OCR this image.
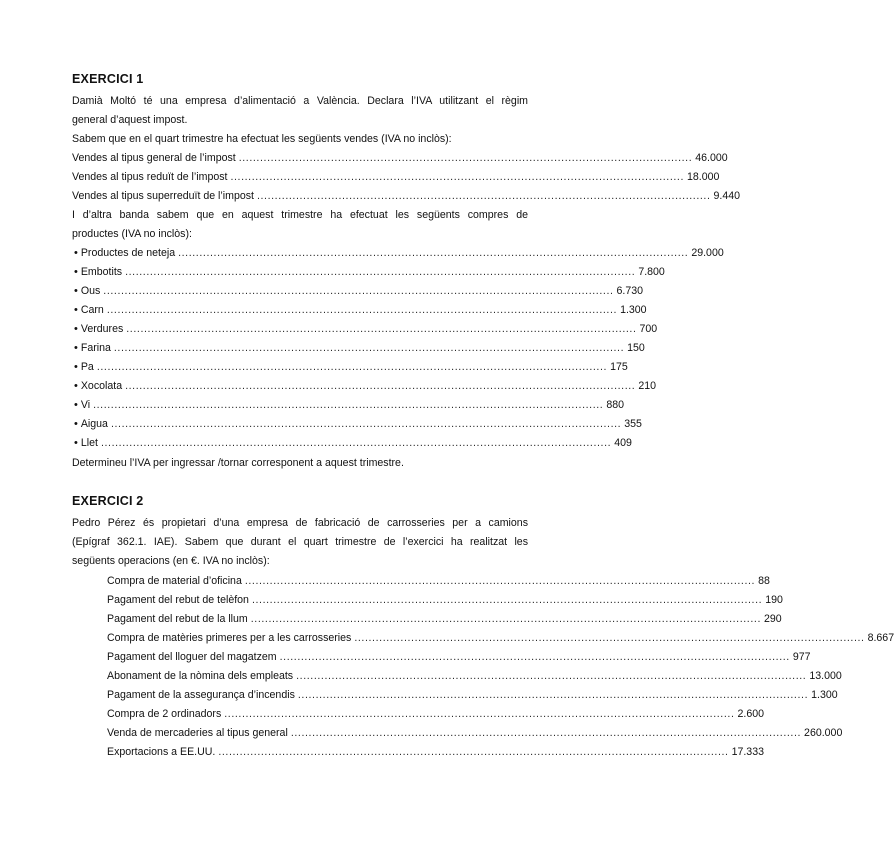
EXERCICI 1
Damià Moltó té una empresa d’alimentació a València. Declara l’IVA utilitzant el règim
general d’aquest impost.
Sabem que en el quart trimestre ha efectuat les següents vendes (IVA no inclòs):
Vendes al tipus general de l’impost ................................................................................................................................ 46.000
Vendes al tipus reduït de l’impost ................................................................................................................................ 18.000
Vendes al tipus superreduït de l’impost ................................................................................................................................ 9.440
I d’altra banda sabem que en aquest trimestre ha efectuat les següents compres de
productes (IVA no inclòs):
• Productes de neteja ................................................................................................................................................ 29.000
• Embotits ................................................................................................................................................ 7.800
• Ous ................................................................................................................................................ 6.730
• Carn ................................................................................................................................................ 1.300
• Verdures ................................................................................................................................................ 700
• Farina ................................................................................................................................................ 150
• Pa ................................................................................................................................................ 175
• Xocolata ................................................................................................................................................ 210
• Vi ................................................................................................................................................ 880
• Aigua ................................................................................................................................................ 355
• Llet ................................................................................................................................................ 409
Determineu l’IVA per ingressar /tornar corresponent a aquest trimestre.
EXERCICI 2
Pedro Pérez és propietari d’una empresa de fabricació de carrosseries per a camions
(Epígraf 362.1. IAE). Sabem que durant el quart trimestre de l’exercici ha realitzat les
següents operacions (en €. IVA no inclòs):
Compra de material d’oficina ................................................................................................................................................ 88
Pagament del rebut de telèfon ................................................................................................................................................ 190
Pagament del rebut de la llum ................................................................................................................................................ 290
Compra de matèries primeres per a les carrosseries ................................................................................................................................................ 8.667
Pagament del lloguer del magatzem ................................................................................................................................................ 977
Abonament de la nòmina dels empleats ................................................................................................................................................ 13.000
Pagament de la assegurança d’incendis ................................................................................................................................................ 1.300
Compra de 2 ordinadors ................................................................................................................................................ 2.600
Venda de mercaderies al tipus general ................................................................................................................................................ 260.000
Exportacions a EE.UU. ................................................................................................................................................ 17.333
